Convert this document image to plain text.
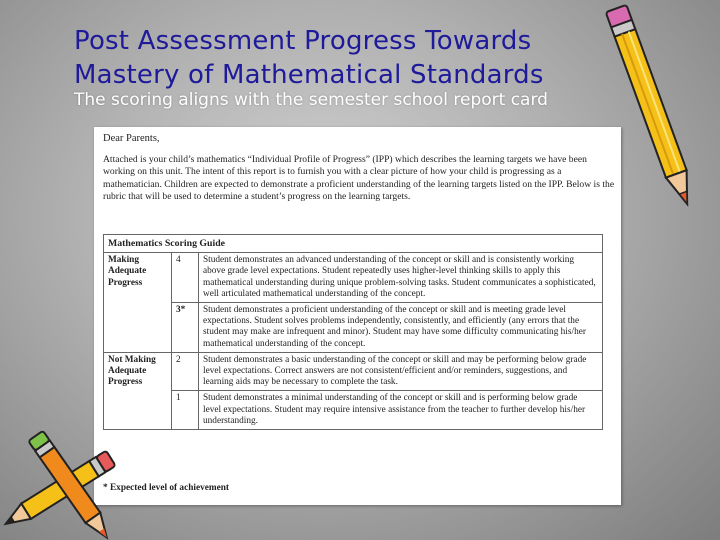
Post Assessment Progress Towards
Mastery of Mathematical Standards
The scoring aligns with the semester school report card
Dear Parents,

Attached is your child’s mathematics “Individual Profile of Progress” (IPP) which describes the learning targets we have been working on this unit. The intent of this report is to furnish you with a clear picture of how your child is progressing as a mathematician. Children are expected to demonstrate a proficient understanding of the learning targets listed on the IPP. Below is the rubric that will be used to determine a student’s progress on the learning targets.

Mathematics Scoring Guide		
Making Adequate Progress	4	Student demonstrates an advanced understanding of the concept or skill and is consistently working above grade level expectations. Student repeatedly uses higher-level thinking skills to apply this mathematical understanding during unique problem-solving tasks. Student communicates a sophisticated, well articulated mathematical understanding of the concept.
	3*	Student demonstrates a proficient understanding of the concept or skill and is meeting grade level expectations. Student solves problems independently, consistently, and efficiently (any errors that the student may make are infrequent and minor). Student may have some difficulty communicating his/her mathematical understanding of the concept.
Not Making Adequate Progress	2	Student demonstrates a basic understanding of the concept or skill and may be performing below grade level expectations. Correct answers are not consistent/efficient and/or reminders, suggestions, and learning aids may be necessary to complete the task.
	1	Student demonstrates a minimal understanding of the concept or skill and is performing below grade level expectations. Student may require intensive assistance from the teacher to further develop his/her understanding.
* Expected level of achievement
